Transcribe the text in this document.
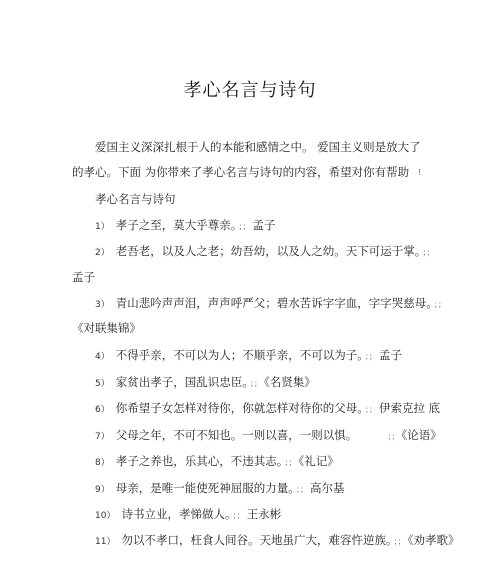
孝心名言与诗句
爱国主义深深扎根于人的本能和感情之中。 爱国主义则是放大了
的孝心。下面 为你带来了孝心名言与诗句的内容，希望对你有帮助 !
孝心名言与诗句
1） 孝子之至，莫大乎尊亲。 ；； 孟子
2） 老吾老，以及人之老；幼吾幼，以及人之幼。天下可运于掌。 ；；
孟子
3） 青山悲吟声声泪，声声呼严父；碧水苦诉字字血，字字哭慈母。 ；；
《对联集锦》
4） 不得乎亲，不可以为人；不顺乎亲，不可以为子。 ；； 孟子
5） 家贫出孝子，国乱识忠臣。 ；； 《名贤集》
6） 你希望子女怎样对待你，你就怎样对待你的父母。 ；； 伊索克拉 底
7） 父母之年，不可不知也。一则以喜，一则以惧。	；； 《论语》
8） 孝子之养也，乐其心，不违其志。 ；； 《礼记》
9） 母亲，是唯一能使死神屈服的力量。 ；； 高尔基
10） 诗书立业，孝悌做人。 ；； 王永彬
11） 勿以不孝口，枉食人间谷。天地虽广大，难容忤逆族。 ；； 《劝孝歌》
